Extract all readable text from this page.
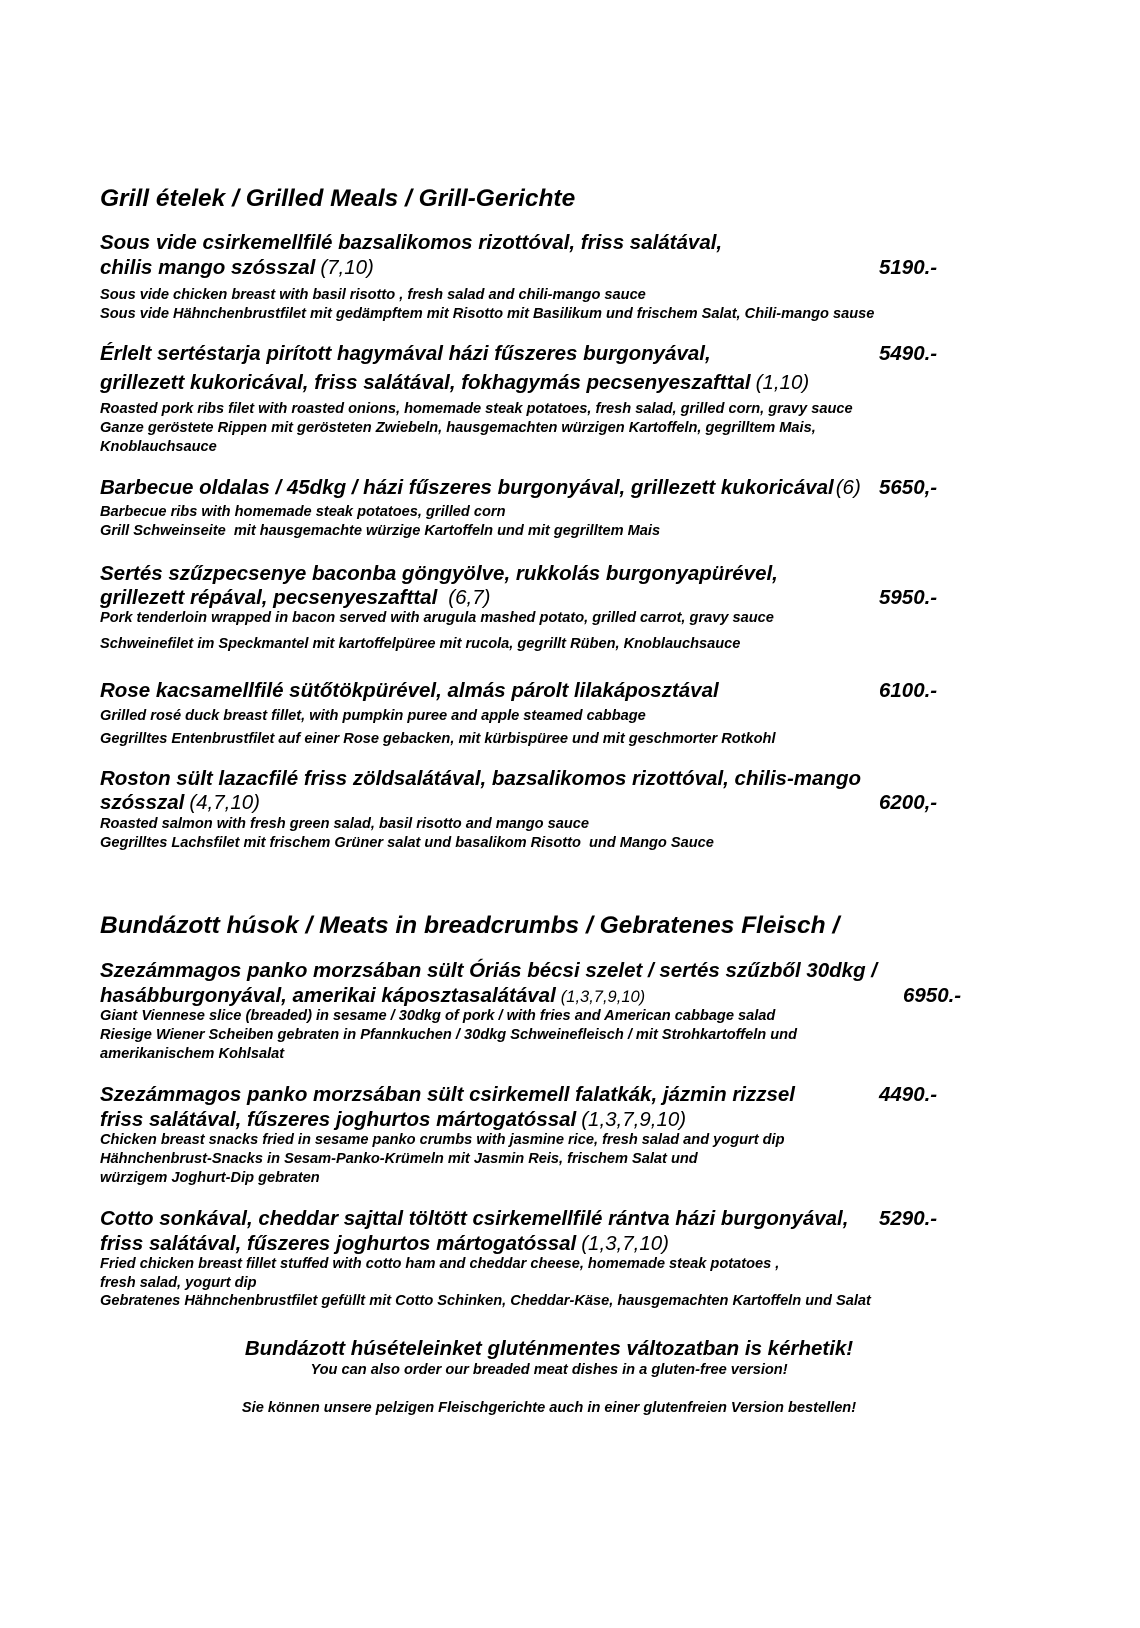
Grill ételek / Grilled Meals / Grill-Gerichte
Sous vide csirkemellfilé bazsalikomos rizottóval, friss salátával,
chilis mango szósszal (7,10)	5190.-
Sous vide chicken breast with basil risotto , fresh salad and chili-mango sauce
Sous vide Hähnchenbrustfilet mit gedämpftem mit Risotto mit Basilikum und frischem Salat, Chili-mango sause
Érlelt sertéstarja pirított hagymával házi fűszeres burgonyával,	5490.-
grillezett kukoricával, friss salátával, fokhagymás pecsenyeszafttal (1,10)
Roasted pork ribs filet with roasted onions, homemade steak potatoes, fresh salad, grilled corn, gravy sauce
Ganze geröstete Rippen mit gerösteten Zwiebeln, hausgemachten würzigen Kartoffeln, gegrilltem Mais,
Knoblauchsauce
Barbecue oldalas / 45dkg / házi fűszeres burgonyával, grillezett kukoricával(6) 5650,-
Barbecue ribs with homemade steak potatoes, grilled corn
Grill Schweinseite  mit hausgemachte würzige Kartoffeln und mit gegrilltem Mais
Sertés szűzpecsenye baconba göngyölve, rukkolás burgonyapürével,
grillezett répával, pecsenyeszafttal (6,7)	5950.-
Pork tenderloin wrapped in bacon served with arugula mashed potato, grilled carrot, gravy sauce
Schweinefilet im Speckmantel mit kartoffelpüree mit rucola, gegrillt Rüben, Knoblauchsauce
Rose kacsamellfilé sütőtökpürével, almás párolt lilakáposztával	6100.-
Grilled rosé duck breast fillet, with pumpkin puree and apple steamed cabbage
Gegrilltes Entenbrustfilet auf einer Rose gebacken, mit kürbispüree und mit geschmorter Rotkohl
Roston sült lazacfilé friss zöldsalátával, bazsalikomos rizottóval, chilis-mango
szósszal (4,7,10)	6200,-
Roasted salmon with fresh green salad, basil risotto and mango sauce
Gegrilltes Lachsfilet mit frischem Grüner salat und basalikom Risotto  und Mango Sauce
Bundázott húsok / Meats in breadcrumbs / Gebratenes Fleisch /
Szezámmagos panko morzsában sült Óriás bécsi szelet / sertés szűzből 30dkg /
hasábburgonyával, amerikai káposztasalátával (1,3,7,9,10)	6950.-
Giant Viennese slice (breaded) in sesame / 30dkg of pork / with fries and American cabbage salad
Riesige Wiener Scheiben gebraten in Pfannkuchen / 30dkg Schweinefleisch / mit Strohkartoffeln und
amerikanischem Kohlsalat
Szezámmagos panko morzsában sült csirkemell falatkák, jázmin rizzsel	4490.-
friss salátával, fűszeres joghurtos mártogatóssal (1,3,7,9,10)
Chicken breast snacks fried in sesame panko crumbs with jasmine rice, fresh salad and yogurt dip
Hähnchenbrust-Snacks in Sesam-Panko-Krümeln mit Jasmin Reis, frischem Salat und
würzigem Joghurt-Dip gebraten
Cotto sonkával, cheddar sajttal töltött csirkemellfilé rántva házi burgonyával, 5290.-
friss salátával, fűszeres joghurtos mártogatóssal (1,3,7,10)
Fried chicken breast fillet stuffed with cotto ham and cheddar cheese, homemade steak potatoes ,
fresh salad, yogurt dip
Gebratenes Hähnchenbrustfilet gefüllt mit Cotto Schinken, Cheddar-Käse, hausgemachten Kartoffeln und Salat
Bundázott húsételeinket gluténmentes változatban is kérhetik!
You can also order our breaded meat dishes in a gluten-free version!
Sie können unsere pelzigen Fleischgerichte auch in einer glutenfreien Version bestellen!
